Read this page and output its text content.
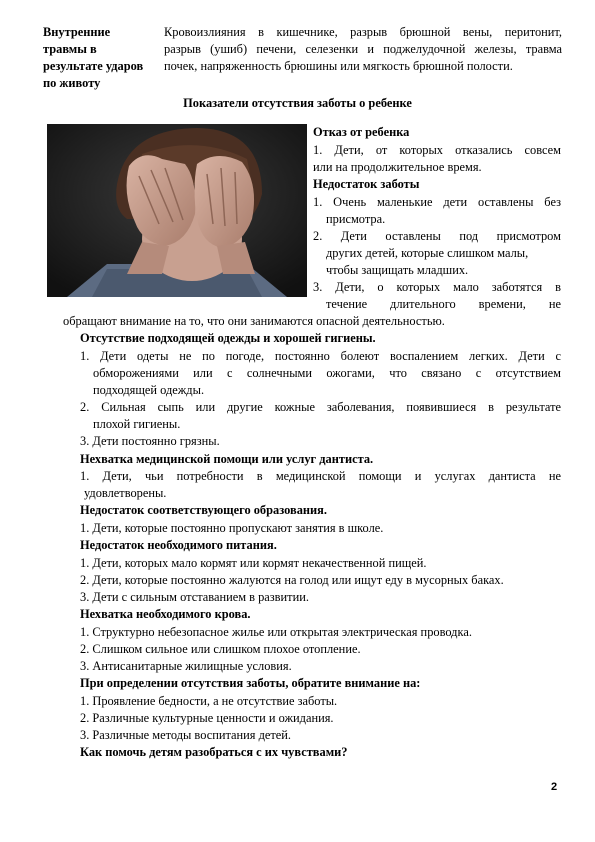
Внутренние
травмы в
результате ударов
по животу
Кровоизлияния в кишечнике, разрыв брюшной вены, перитонит,
разрыв (ушиб) печени, селезенки и поджелудочной железы, травма
почек, напряженность брюшины или мягкость брюшной полости.
Показатели отсутствия заботы о ребенке
Отказ от ребенка
1. Дети, от которых отказались совсем
или на продолжительное время.
Недостаток заботы
1. Очень маленькие дети оставлены без
присмотра.
2. Дети оставлены под присмотром
других детей, которые слишком малы,
чтобы защищать младших.
3. Дети, о которых мало заботятся в
течение длительного времени, не
обращают внимание на то, что они занимаются опасной деятельностью.
Отсутствие подходящей одежды и хорошей гигиены.
1. Дети одеты не по погоде, постоянно болеют воспалением легких. Дети с
обморожениями или с солнечными ожогами, что связано с отсутствием
подходящей одежды.
2. Сильная сыпь или другие кожные заболевания, появившиеся в результате
плохой гигиены.
3. Дети постоянно грязны.
Нехватка медицинской помощи или услуг дантиста.
1. Дети, чьи потребности в медицинской помощи и услугах дантиста не
удовлетворены.
Недостаток соответствующего образования.
1. Дети, которые постоянно пропускают занятия в школе.
Недостаток необходимого питания.
1. Дети, которых мало кормят или кормят некачественной пищей.
2. Дети, которые постоянно жалуются на голод или ищут еду в мусорных баках.
3. Дети с сильным отставанием в развитии.
Нехватка необходимого крова.
1. Структурно небезопасное жилье или открытая электрическая проводка.
2. Слишком сильное или слишком плохое отопление.
3. Антисанитарные жилищные условия.
При определении отсутствия заботы, обратите внимание на:
1. Проявление бедности, а не отсутствие заботы.
2. Различные культурные ценности и ожидания.
3. Различные методы воспитания детей.
Как помочь детям разобраться с их чувствами?
2
